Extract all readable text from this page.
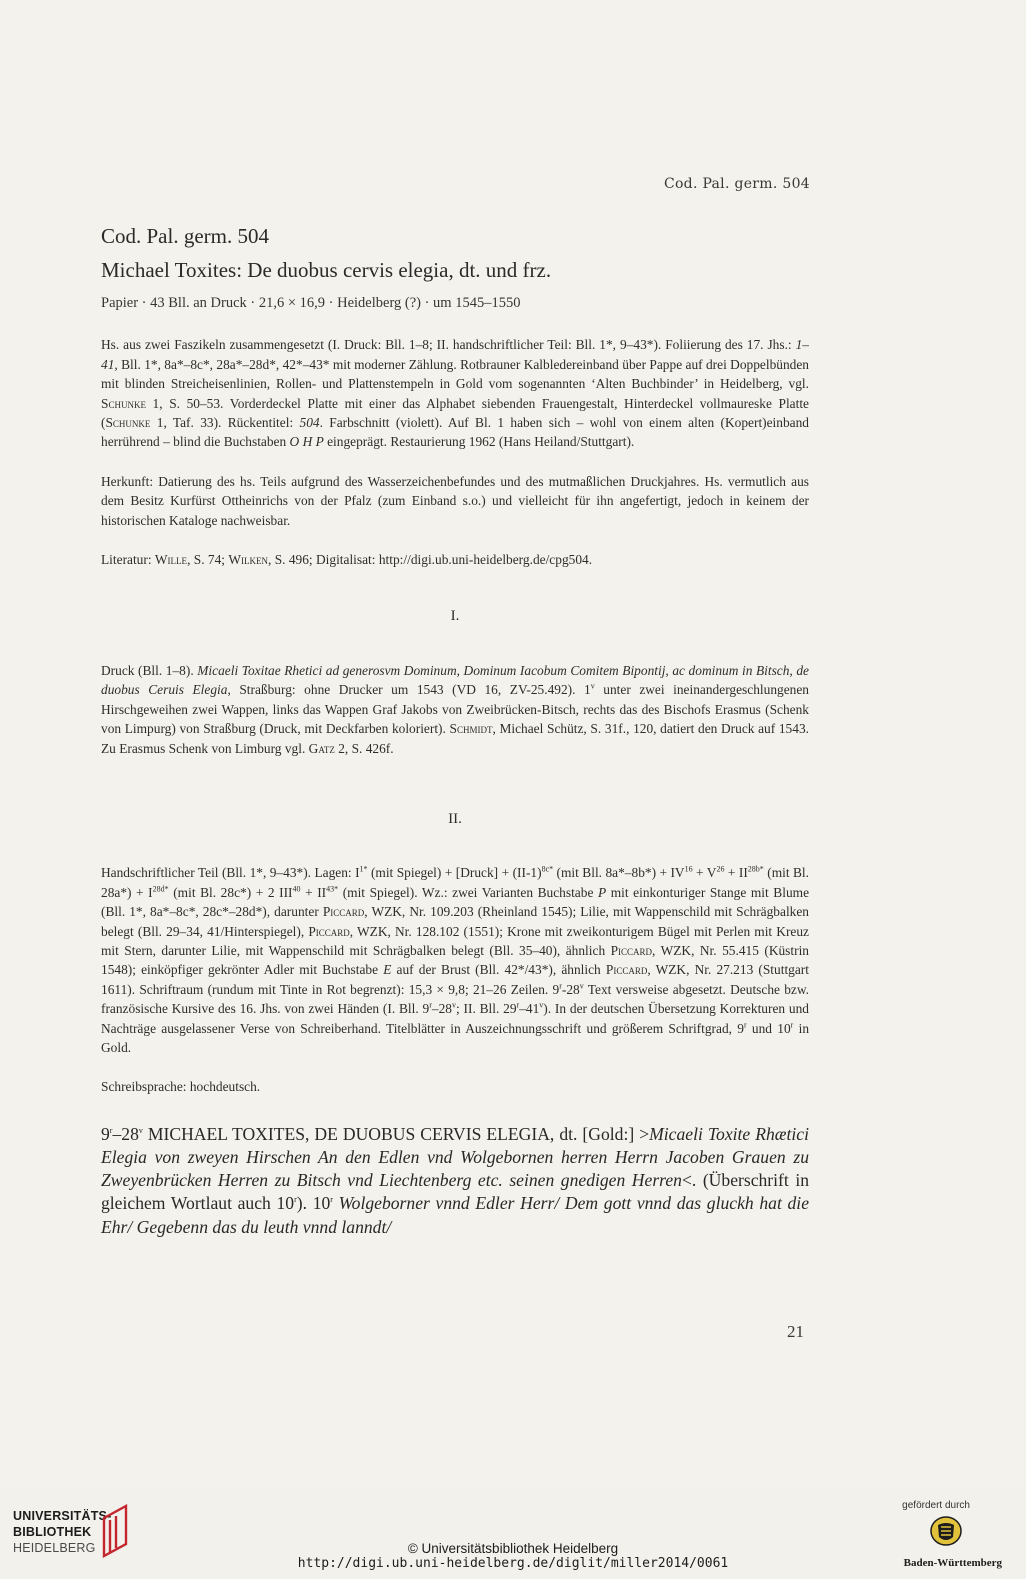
Cod. Pal. germ. 504
Cod. Pal. germ. 504
Michael Toxites: De duobus cervis elegia, dt. und frz.
Papier · 43 Bll. an Druck · 21,6 × 16,9 · Heidelberg (?) · um 1545–1550

Hs. aus zwei Faszikeln zusammengesetzt (I. Druck: Bll. 1–8; II. handschriftlicher Teil: Bll. 1*, 9–43*). Foliierung des 17. Jhs.: 1–41, Bll. 1*, 8a*–8c*, 28a*–28d*, 42*–43* mit moderner Zählung. Rotbrauner Kalbledereinband über Pappe auf drei Doppelbünden mit blinden Streicheisenlinien, Rollen- und Plattenstempeln in Gold vom sogenannten ‘Alten Buchbinder’ in Heidelberg, vgl. Schunke 1, S. 50–53. Vorderdeckel Platte mit einer das Alphabet siebenden Frauengestalt, Hinterdeckel vollmaureske Platte (Schunke 1, Taf. 33). Rückentitel: 504. Farbschnitt (violett). Auf Bl. 1 haben sich – wohl von einem alten (Kopert)einband herrührend – blind die Buchstaben O H P eingeprägt. Restaurierung 1962 (Hans Heiland/Stuttgart).

Herkunft: Datierung des hs. Teils aufgrund des Wasserzeichenbefundes und des mutmaßlichen Druckjahres. Hs. vermutlich aus dem Besitz Kurfürst Ottheinrichs von der Pfalz (zum Einband s.o.) und vielleicht für ihn angefertigt, jedoch in keinem der historischen Kataloge nachweisbar.

Literatur: Wille, S. 74; Wilken, S. 496; Digitalisat: http://digi.ub.uni-heidelberg.de/cpg504.

I.

Druck (Bll. 1–8). Micaeli Toxitae Rhetici ad generosvm Dominum, Dominum Iacobum Comitem Bipontij, ac dominum in Bitsch, de duobus Ceruis Elegia, Straßburg: ohne Drucker um 1543 (VD 16, ZV-25.492). 1$^v$ unter zwei ineinandergeschlungenen Hirschgeweihen zwei Wappen, links das Wappen Graf Jakobs von Zweibrücken-Bitsch, rechts das des Bischofs Erasmus (Schenk von Limpurg) von Straßburg (Druck, mit Deckfarben koloriert). Schmidt, Michael Schütz, S. 31f., 120, datiert den Druck auf 1543. Zu Erasmus Schenk von Limburg vgl. Gatz 2, S. 426f.

II.

Handschriftlicher Teil (Bll. 1*, 9–43*). Lagen: $I^{1*}$ (mit Spiegel) + [Druck] + $(II-1)^{8c*}$ (mit Bll. $8a*-8b*) + IV^{16} + V^{26} + II^{28b*}$ (mit Bl. $28a*) + I^{28d*}$ (mit Bl. 28c*) + 2 $III^{40} + II^{43*}$ (mit Spiegel). Wz.: zwei Varianten Buchstabe P mit einkonturiger Stange mit Blume (Bll. 1*, 8a*–8c*, 28c*–28d*), darunter Piccard, WZK, Nr. 109.203 (Rheinland 1545); Lilie, mit Wappenschild mit Schrägbalken belegt (Bll. 29–34, 41/Hinterspiegel), Piccard, WZK, Nr. 128.102 (1551); Krone mit zweikonturigem Bügel mit Perlen mit Kreuz mit Stern, darunter Lilie, mit Wappenschild mit Schrägbalken belegt (Bll. 35–40), ähnlich Piccard, WZK, Nr. 55.415 (Küstrin 1548); einköpfiger gekrönter Adler mit Buchstabe E auf der Brust (Bll. 42*/43*), ähnlich Piccard, WZK, Nr. 27.213 (Stuttgart 1611). Schriftraum (rundum mit Tinte in Rot begrenzt): 15,3 × 9,8; 21–26 Zeilen. 9$^r$-28$^v$ Text versweise abgesetzt. Deutsche bzw. französische Kursive des 16. Jhs. von zwei Händen (I. Bll. 9$^r$–28$^v$; II. Bll. 29$^r$–41$^v$). In der deutschen Übersetzung Korrekturen und Nachträge ausgelassener Verse von Schreiberhand. Titelblätter in Auszeichnungsschrift und größerem Schriftgrad, 9$^r$ und 10$^r$ in Gold.

Schreibsprache: hochdeutsch.

9$^r$–28$^v$ MICHAEL TOXITES, DE DUOBUS CERVIS ELEGIA, dt. [Gold:] >Micaeli Toxite Rhætici Elegia von zweyen Hirschen An den Edlen vnd Wolgebornen herren Herrn Jacoben Grauen zu Zweyenbrücken Herren zu Bitsch vnd Liechtenberg etc. seinen gnedigen Herren<. (Überschrift in gleichem Wortlaut auch 10$^r$). 10$^r$ Wolgeborner vnnd Edler Herr/ Dem gott vnnd das gluckh hat die Ehr/ Gegebenn das du leuth vnnd lanndt/
21
UNIVERSITÄTS-
BIBLIOTHEK
HEIDELBERG	© Universitätsbibliothek Heidelberg
http://digi.ub.uni-heidelberg.de/diglit/miller2014/0061
gefördert durch
Baden-Württemberg
